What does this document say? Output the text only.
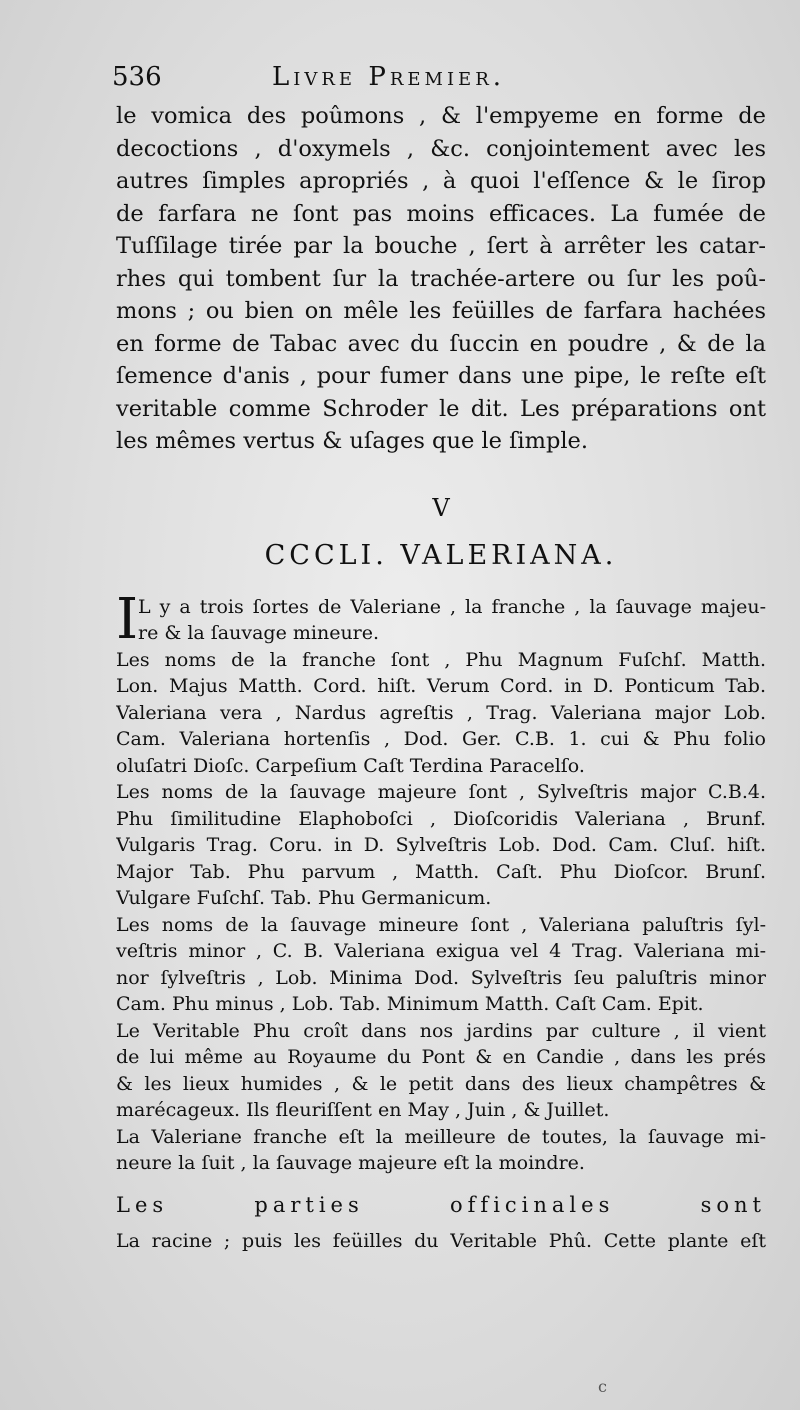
536	Livre Premier.
le vomica des poûmons , & l'empyeme en forme de
decoctions , d'oxymels , &c. conjointement avec les
autres ſimples apropriés , à quoi l'eſſence & le ſirop
de farfara ne ſont pas moins efficaces. La fumée de
Tuſſilage tirée par la bouche , ſert à arrêter les catar-
rhes qui tombent ſur la trachée-artere ou ſur les poû-
mons ; ou bien on mêle les feüilles de farfara hachées
en forme de Tabac avec du ſuccin en poudre , & de la
ſemence d'anis , pour fumer dans une pipe, le reſte eſt
veritable comme Schroder le dit. Les préparations ont
les mêmes vertus & uſages que le ſimple.
V
CCCLI. VALERIANA.
I L y a trois ſortes de Valeriane , la franche , la ſauvage majeu-
re & la ſauvage mineure.
Les noms de la franche ſont , Phu Magnum Fuſchſ. Matth.
Lon. Majus Matth. Cord. hiſt. Verum Cord. in D. Ponticum Tab.
Valeriana vera , Nardus agreſtis , Trag. Valeriana major Lob.
Cam. Valeriana hortenſis , Dod. Ger. C.B. 1. cui & Phu folio
oluſatri Dioſc. Carpeſium Caſt Terdina Paracelſo.
Les noms de la ſauvage majeure ſont , Sylveſtris major C.B.4.
Phu ſimilitudine Elaphoboſci , Dioſcoridis Valeriana , Brunf.
Vulgaris Trag. Coru. in D. Sylveſtris Lob. Dod. Cam. Cluſ. hiſt.
Major Tab. Phu parvum , Matth. Caſt. Phu Dioſcor. Brunſ.
Vulgare Fuſchſ. Tab. Phu Germanicum.
Les noms de la ſauvage mineure ſont , Valeriana paluſtris ſyl-
veſtris minor , C. B. Valeriana exigua vel 4 Trag. Valeriana mi-
nor ſylveſtris , Lob. Minima Dod. Sylveſtris ſeu paluſtris minor
Cam. Phu minus , Lob. Tab. Minimum Matth. Caſt Cam. Epit.
Le Veritable Phu croît dans nos jardins par culture , il vient
de lui même au Royaume du Pont & en Candie , dans les prés
& les lieux humides , & le petit dans des lieux champêtres &
marécageux. Ils fleuriſſent en May , Juin , & Juillet.
La Valeriane franche eſt la meilleure de toutes, la ſauvage mi-
neure la ſuit , la ſauvage majeure eſt la moindre.
Les parties officinales sont
La racine ; puis les feüilles du Veritable Phû. Cette plante eſt
c
